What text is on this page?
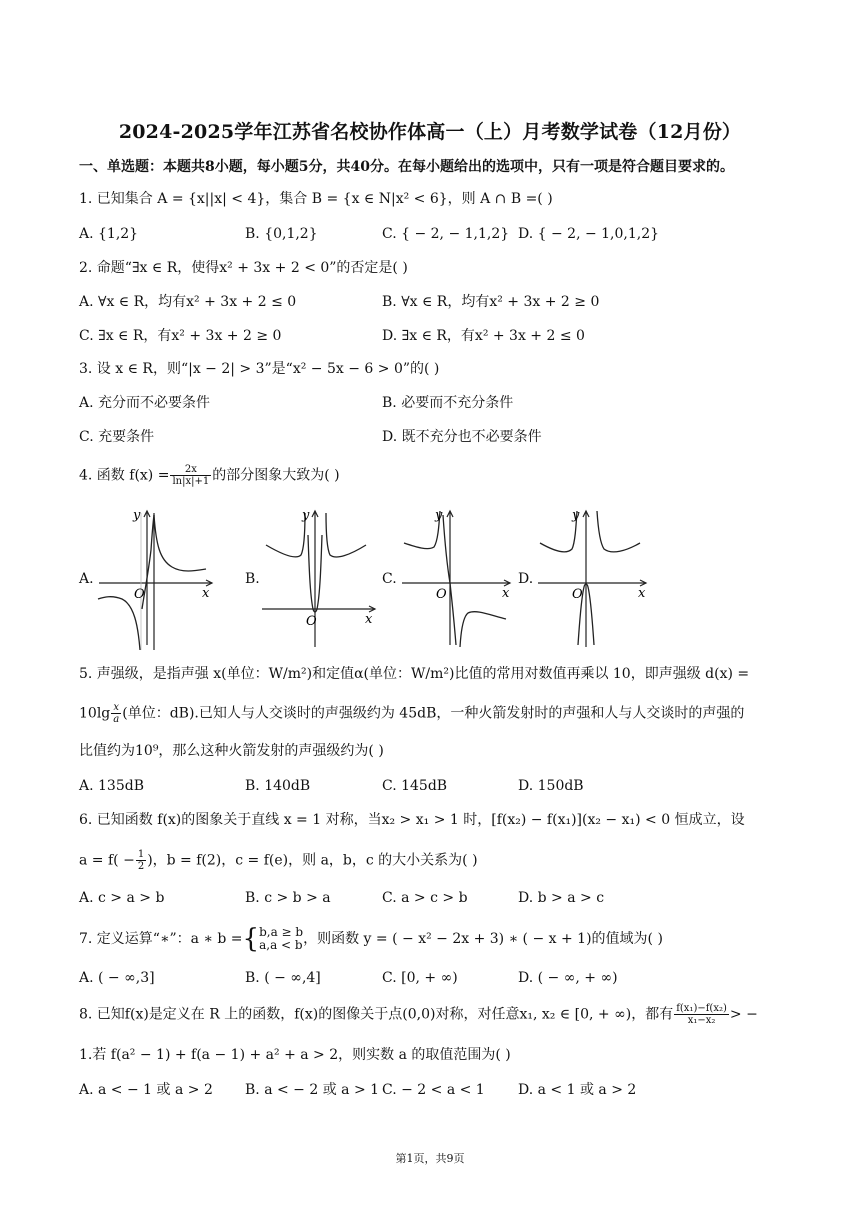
2024-2025学年江苏省名校协作体高一（上）月考数学试卷（12月份）
一、单选题：本题共8小题，每小题5分，共40分。在每小题给出的选项中，只有一项是符合题目要求的。
1. 已知集合 A = {x||x| < 4}，集合 B = {x ∈ N|x² < 6}，则 A ∩ B =( )
A. {1,2}	B. {0,1,2}	C. { − 2, − 1,1,2} D. { − 2, − 1,0,1,2}
2. 命题“∃x ∈ R，使得x² + 3x + 2 < 0”的否定是( )
A. ∀x ∈ R，均有x² + 3x + 2 ≤ 0	B. ∀x ∈ R，均有x² + 3x + 2 ≥ 0
C. ∃x ∈ R，有x² + 3x + 2 ≥ 0	D. ∃x ∈ R，有x² + 3x + 2 ≤ 0
3. 设 x ∈ R，则“|x − 2| > 3”是“x² − 5x − 6 > 0”的( )
A. 充分而不必要条件	B. 必要而不充分条件
C. 充要条件	D. 既不充分也不必要条件
4. 函数 $f(x) = \frac{2x}{\ln|x|+1}$ 的部分图象大致为( )
A.	B.	C.	D.
y
x
O
y
x
O
y
x
O
y
x
O
5. 声强级，是指声强 x(单位：W/m²)和定值α(单位：W/m²)比值的常用对数值再乘以 10，即声强级 d(x) =
$10\lg \frac{x}{a}$ (单位：dB).已知人与人交谈时的声强级约为 45dB，一种火箭发射时的声强和人与人交谈时的声强的
比值约为10⁹，那么这种火箭发射的声强级约为( )
A. 135dB	B. 140dB	C. 145dB	D. 150dB
6. 已知函数 f(x)的图象关于直线 x = 1 对称，当x₂ > x₁ > 1 时，[f(x₂) − f(x₁)](x₂ − x₁) < 0 恒成立，设
$a = f( - \frac{1}{2}$ )，b = f(2)，c = f(e)，则 a，b，c 的大小关系为( )
A. c > a > b	B. c > b > a	C. a > c > b	D. b > a > c
7. 定义运算“∗”：a ∗ b ={ b,a ≥ b
a,a < b ，则函数 y = ( − x² − 2x + 3) ∗ ( − x + 1)的值域为( )
A. ( − ∞,3]	B. ( − ∞,4]	C. [0, + ∞)	D. ( − ∞, + ∞)
8. 已知f(x)是定义在 R 上的函数，f(x)的图像关于点(0,0)对称，对任意x₁, x₂ ∈ [0, + ∞)，都有 $\frac{\text{f(x₁)−f(x₂)}}{\text{x₁−x₂}}$ > −
1.若 f(a² − 1) + f(a − 1) + a² + a > 2，则实数 a 的取值范围为( )
A. a < − 1 或 a > 2 B. a < − 2 或 a > 1 C. − 2 < a < 1 D. a < 1 或 a > 2
第1页，共9页
